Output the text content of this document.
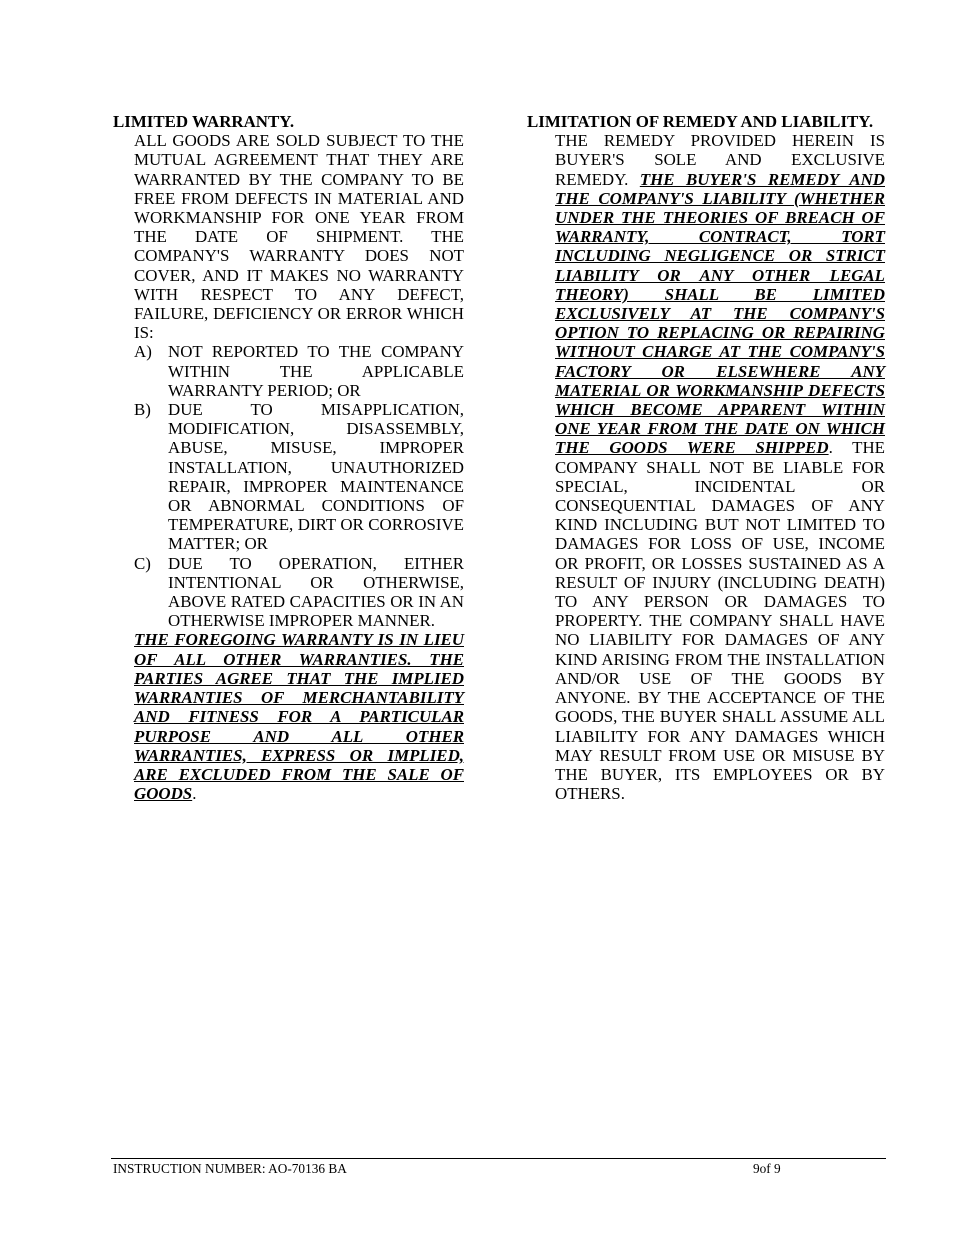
LIMITED WARRANTY.

ALL GOODS ARE SOLD SUBJECT TO THE MUTUAL AGREEMENT THAT THEY ARE WARRANTED BY THE COMPANY TO BE FREE FROM DEFECTS IN MATERIAL AND WORKMANSHIP FOR ONE YEAR FROM THE DATE OF SHIPMENT. THE COMPANY'S WARRANTY DOES NOT COVER, AND IT MAKES NO WARRANTY WITH RESPECT TO ANY DEFECT, FAILURE, DEFICIENCY OR ERROR WHICH IS:

A) NOT REPORTED TO THE COMPANY WITHIN THE APPLICABLE WARRANTY PERIOD; OR
B)	DUE TO MISAPPLICATION, MODIFICATION, DISASSEMBLY, ABUSE, MISUSE, IMPROPER INSTALLATION, UNAUTHORIZED REPAIR, IMPROPER MAINTENANCE OR ABNORMAL CONDITIONS OF TEMPERATURE, DIRT OR CORROSIVE MATTER; OR
C)	DUE TO OPERATION, EITHER INTENTIONAL OR OTHERWISE, ABOVE RATED CAPACITIES OR IN AN OTHERWISE IMPROPER MANNER.

THE FOREGOING WARRANTY IS IN LIEU OF ALL OTHER WARRANTIES. THE PARTIES AGREE THAT THE IMPLIED WARRANTIES OF MERCHANTABILITY AND FITNESS FOR A PARTICULAR PURPOSE AND ALL OTHER WARRANTIES, EXPRESS OR IMPLIED, ARE EXCLUDED FROM THE SALE OF GOODS.

LIMITATION OF REMEDY AND LIABILITY.

THE REMEDY PROVIDED HEREIN IS BUYER'S SOLE AND EXCLUSIVE REMEDY. THE BUYER'S REMEDY AND THE COMPANY'S LIABILITY (WHETHER UNDER THE THEORIES OF BREACH OF WARRANTY, CONTRACT, TORT INCLUDING NEGLIGENCE OR STRICT LIABILITY OR ANY OTHER LEGAL THEORY) SHALL BE LIMITED EXCLUSIVELY AT THE COMPANY'S OPTION TO REPLACING OR REPAIRING WITHOUT CHARGE AT THE COMPANY'S FACTORY OR ELSEWHERE ANY MATERIAL OR WORKMANSHIP DEFECTS WHICH BECOME APPARENT WITHIN ONE YEAR FROM THE DATE ON WHICH THE GOODS WERE SHIPPED. THE COMPANY SHALL NOT BE LIABLE FOR SPECIAL, INCIDENTAL OR CONSEQUENTIAL DAMAGES OF ANY KIND INCLUDING BUT NOT LIMITED TO DAMAGES FOR LOSS OF USE, INCOME OR PROFIT, OR LOSSES SUSTAINED AS A RESULT OF INJURY (INCLUDING DEATH) TO ANY PERSON OR DAMAGES TO PROPERTY. THE COMPANY SHALL HAVE NO LIABILITY FOR DAMAGES OF ANY KIND ARISING FROM THE INSTALLATION AND/OR USE OF THE GOODS BY ANYONE. BY THE ACCEPTANCE OF THE GOODS, THE BUYER SHALL ASSUME ALL LIABILITY FOR ANY DAMAGES WHICH MAY RESULT FROM USE OR MISUSE BY THE BUYER, ITS EMPLOYEES OR BY OTHERS.

INSTRUCTION NUMBER: AO-70136 BA	9of 9
